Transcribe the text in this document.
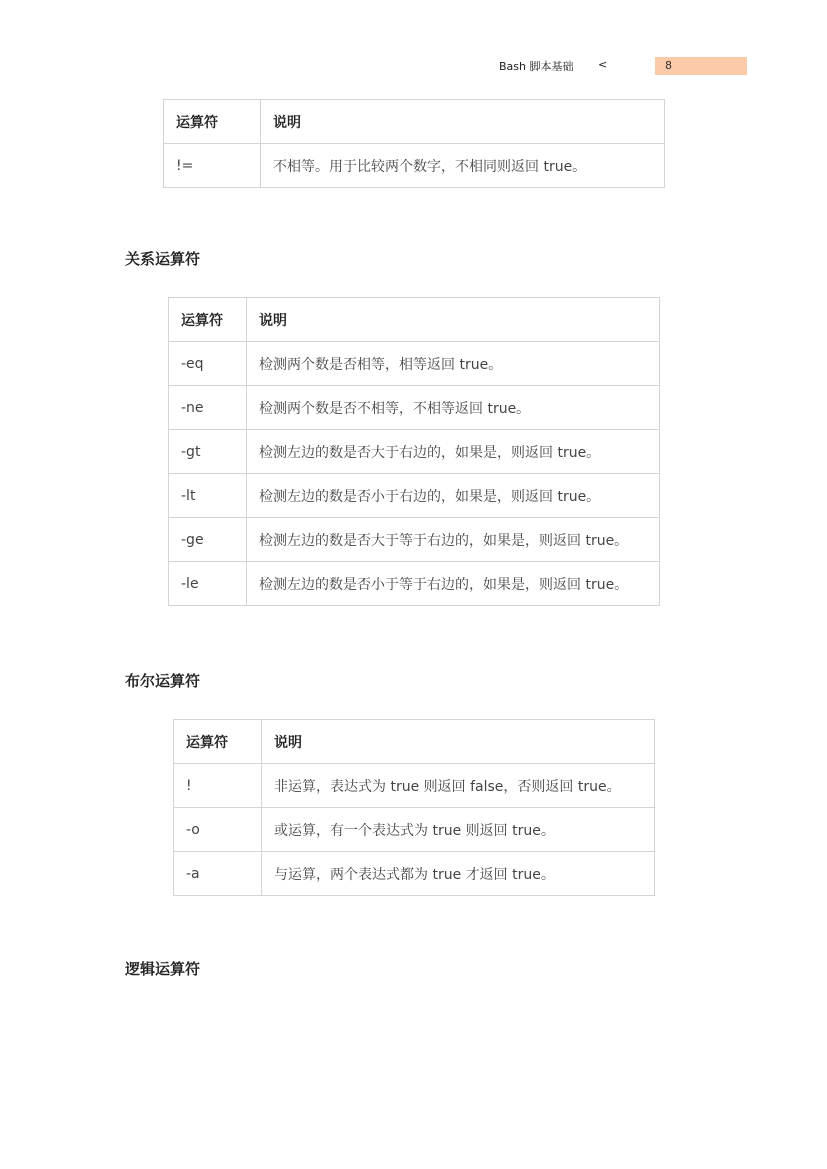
Bash 脚本基础 <	8
运算符	说明
!=	不相等。用于比较两个数字，不相同则返回 true。
关系运算符
运算符	说明
-eq	检测两个数是否相等，相等返回 true。
-ne	检测两个数是否不相等，不相等返回 true。
-gt	检测左边的数是否大于右边的，如果是，则返回 true。
-lt	检测左边的数是否小于右边的，如果是，则返回 true。
-ge	检测左边的数是否大于等于右边的，如果是，则返回 true。
-le	检测左边的数是否小于等于右边的，如果是，则返回 true。
布尔运算符
运算符	说明
!	非运算，表达式为 true 则返回 false，否则返回 true。
-o	或运算，有一个表达式为 true 则返回 true。
-a	与运算，两个表达式都为 true 才返回 true。
逻辑运算符
